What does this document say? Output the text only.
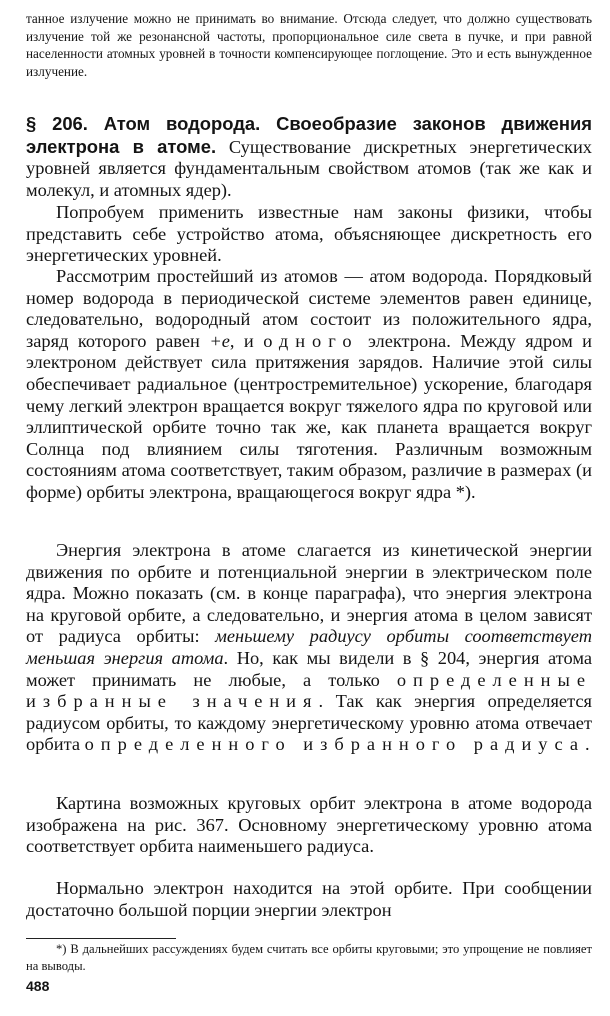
танное излучение можно не принимать во внимание. Отсюда следует, что должно существовать излучение той же резонансной частоты, пропорциональное силе света в пучке, и при равной населенности атомных уровней в точности компенсирующее поглощение. Это и есть вынужденное излучение.
§ 206. Атом водорода. Своеобразие законов движения электрона в атоме. Существование дискретных энергетических уровней является фундаментальным свойством атомов (так же как и молекул, и атомных ядер).
Попробуем применить известные нам законы физики, чтобы представить себе устройство атома, объясняющее дискретность его энергетических уровней.
Рассмотрим простейший из атомов — атом водорода. Порядковый номер водорода в периодической системе элементов равен единице, следовательно, водородный атом состоит из положительного ядра, заряд которого равен +e, и одного электрона. Между ядром и электроном действует сила притяжения зарядов. Наличие этой силы обеспечивает радиальное (центростремительное) ускорение, благодаря чему легкий электрон вращается вокруг тяжелого ядра по круговой или эллиптической орбите точно так же, как планета вращается вокруг Солнца под влиянием силы тяготения. Различным возможным состояниям атома соответствует, таким образом, различие в размерах (и форме) орбиты электрона, вращающегося вокруг ядра *).
Энергия электрона в атоме слагается из кинетической энергии движения по орбите и потенциальной энергии в электрическом поле ядра. Можно показать (см. в конце параграфа), что энергия электрона на круговой орбите, а следовательно, и энергия атома в целом зависят от радиуса орбиты: меньшему радиусу орбиты соответствует меньшая энергия атома. Но, как мы видели в § 204, энергия атома может принимать не любые, а только определенные избранные значения. Так как энергия определяется радиусом орбиты, то каждому энергетическому уровню атома отвечает орбита определенного избранного радиуса.
Картина возможных круговых орбит электрона в атоме водорода изображена на рис. 367. Основному энергетическому уровню атома соответствует орбита наименьшего радиуса.
Нормально электрон находится на этой орбите. При сообщении достаточно большой порции энергии электрон
*) В дальнейших рассуждениях будем считать все орбиты круговыми; это упрощение не повлияет на выводы.
488
